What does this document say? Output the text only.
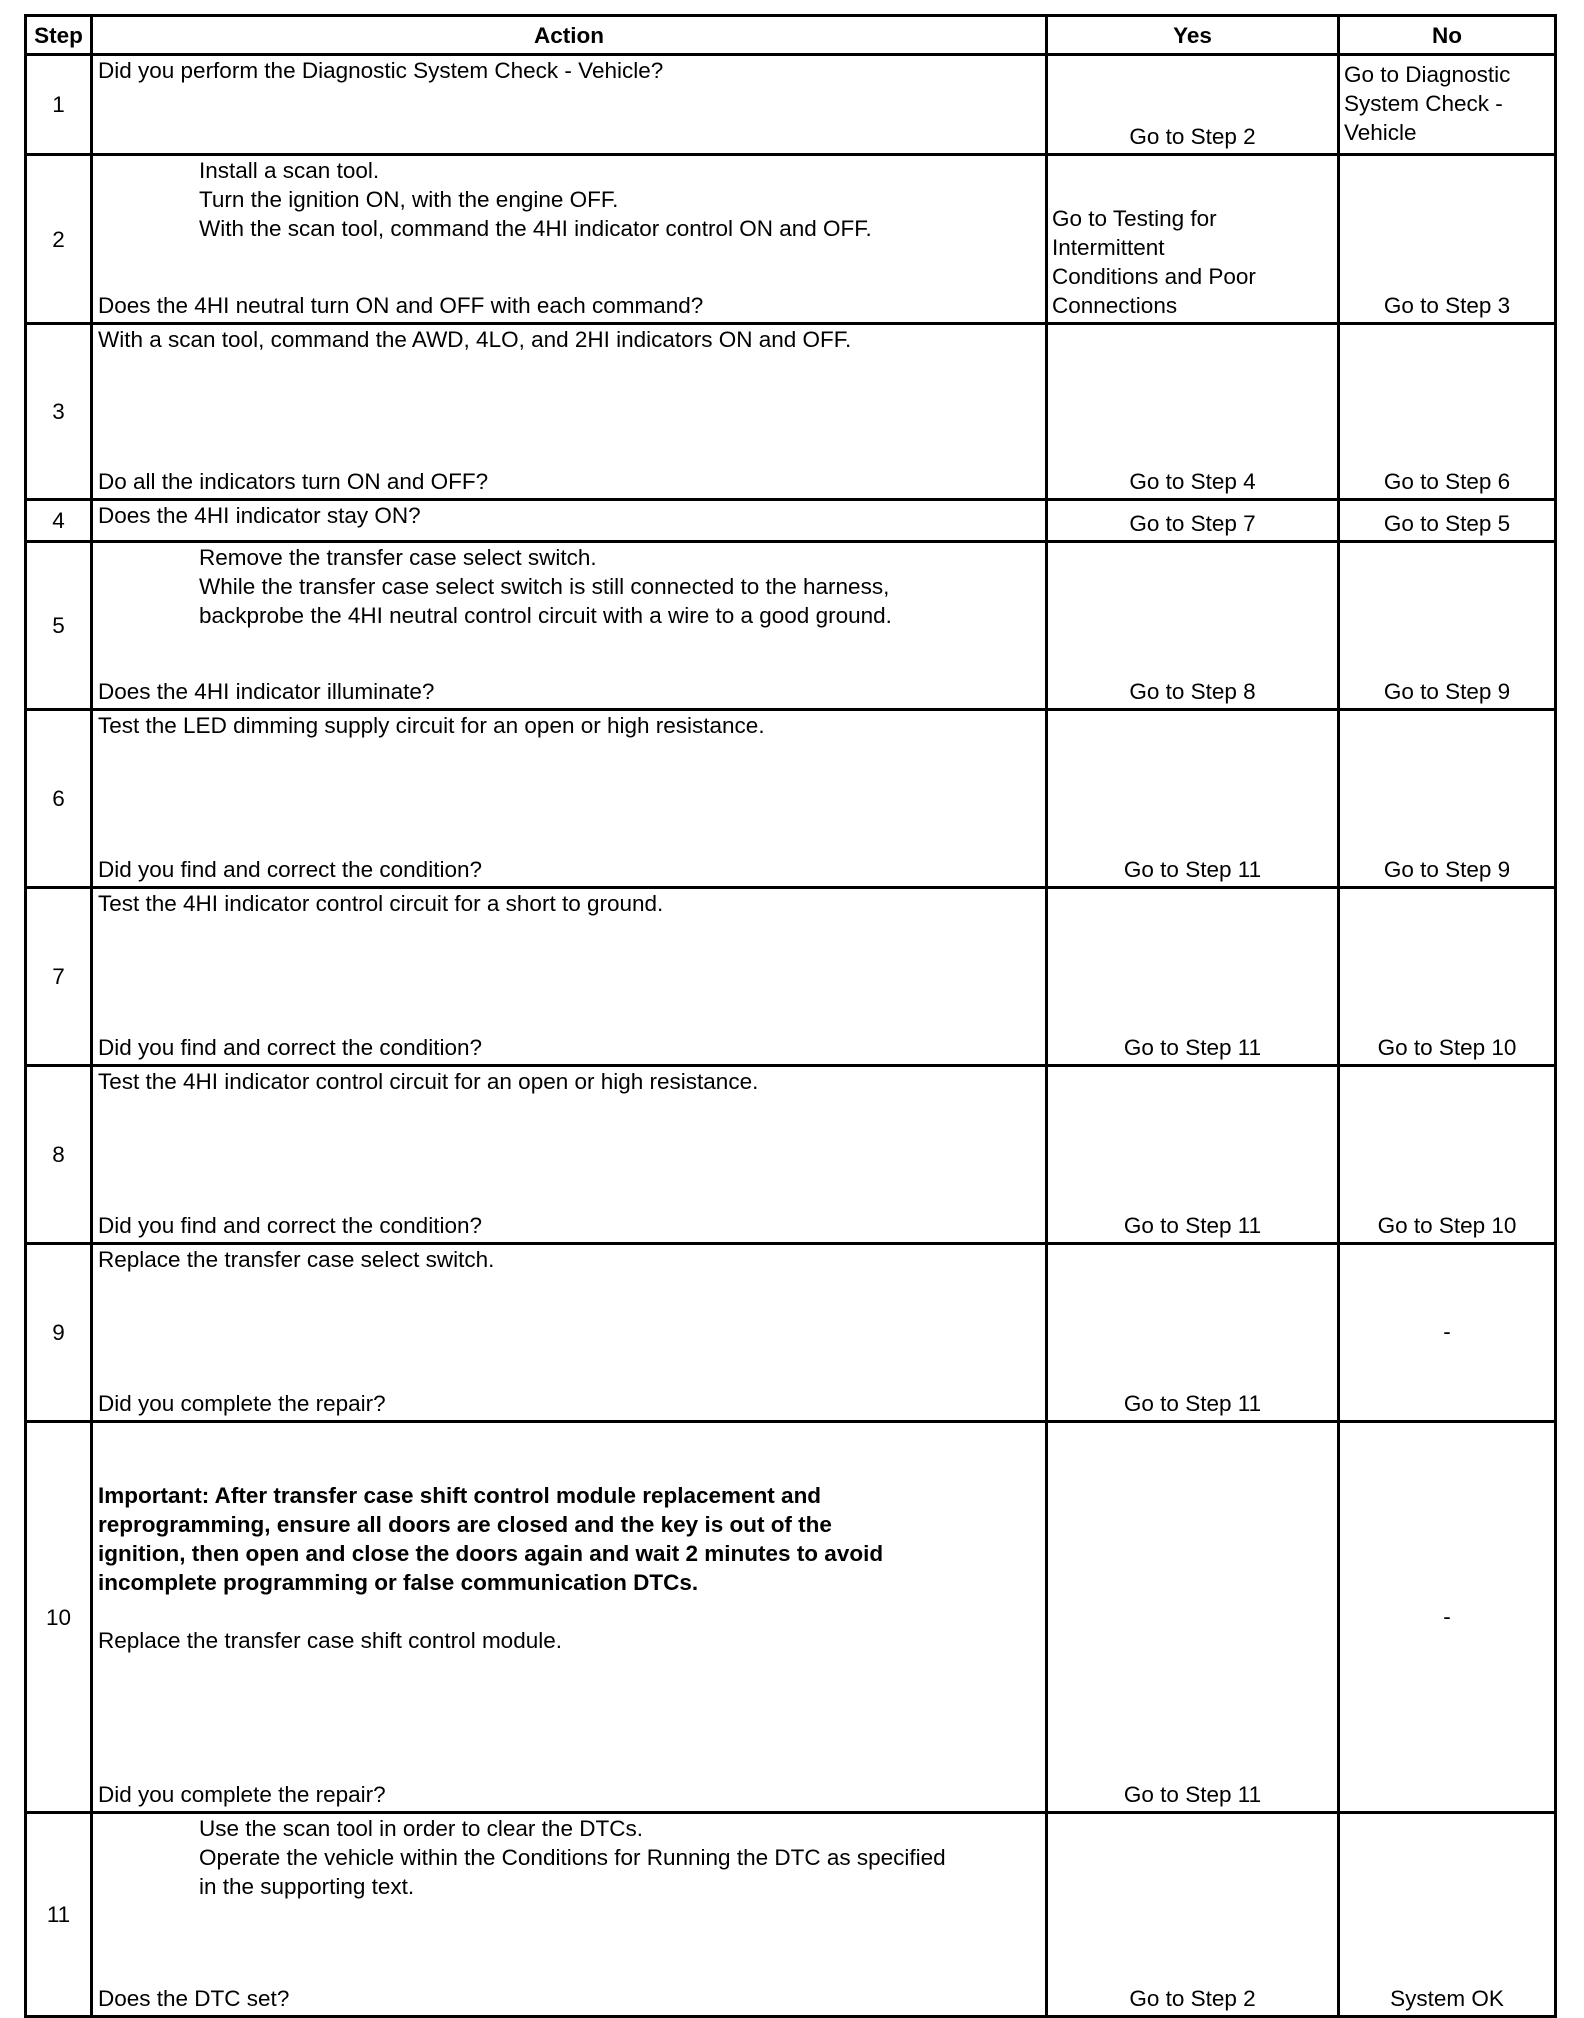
Step	Action	Yes	No
1	Did you perform the Diagnostic System Check - Vehicle?	Go to Step 2	Go to Diagnostic System Check - Vehicle
2	Install a scan tool.
Turn the ignition ON, with the engine OFF.
With the scan tool, command the 4HI indicator control ON and OFF.
Does the 4HI neutral turn ON and OFF with each command?	Go to Testing for Intermittent Conditions and Poor Connections	Go to Step 3
3	With a scan tool, command the AWD, 4LO, and 2HI indicators ON and OFF.
Do all the indicators turn ON and OFF?	Go to Step 4	Go to Step 6
4	Does the 4HI indicator stay ON?	Go to Step 7	Go to Step 5
5	Remove the transfer case select switch.
While the transfer case select switch is still connected to the harness,
backprobe the 4HI neutral control circuit with a wire to a good ground.
Does the 4HI indicator illuminate?	Go to Step 8	Go to Step 9
6	Test the LED dimming supply circuit for an open or high resistance.
Did you find and correct the condition?	Go to Step 11	Go to Step 9
7	Test the 4HI indicator control circuit for a short to ground.
Did you find and correct the condition?	Go to Step 11	Go to Step 10
8	Test the 4HI indicator control circuit for an open or high resistance.
Did you find and correct the condition?	Go to Step 11	Go to Step 10
9	Replace the transfer case select switch.
Did you complete the repair?	Go to Step 11	-
10	Important: After transfer case shift control module replacement and reprogramming, ensure all doors are closed and the key is out of the ignition, then open and close the doors again and wait 2 minutes to avoid incomplete programming or false communication DTCs.
Replace the transfer case shift control module.
Did you complete the repair?	Go to Step 11	-
11	Use the scan tool in order to clear the DTCs.
Operate the vehicle within the Conditions for Running the DTC as specified
in the supporting text.
Does the DTC set?	Go to Step 2	System OK
